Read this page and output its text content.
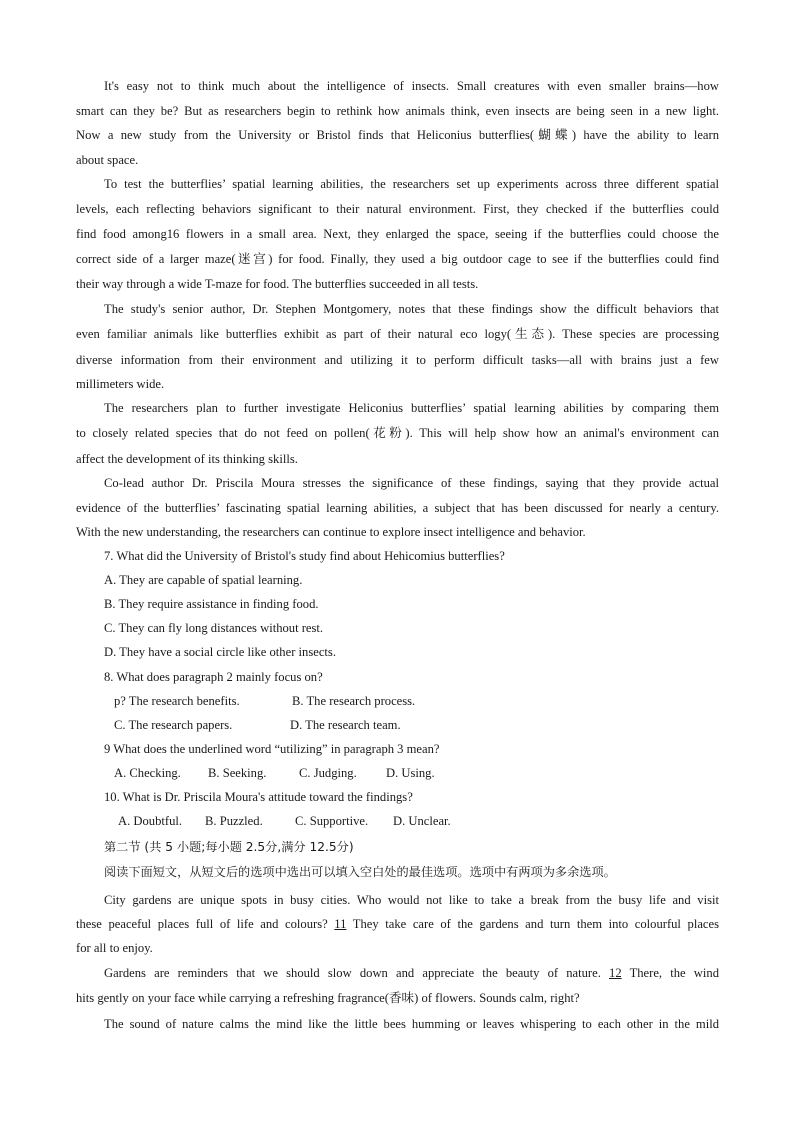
It's easy not to think much about the intelligence of insects. Small creatures with even smaller brains—how
smart can they be? But as researchers begin to rethink how animals think, even insects are being seen in a new light.
Now a new study from the University or Bristol finds that Heliconius butterflies(蝴蝶) have the ability to learn
about space.
To test the butterflies’ spatial learning abilities, the researchers set up experiments across three different spatial
levels, each reflecting behaviors significant to their natural environment. First, they checked if the butterflies could
find food among16 flowers in a small area. Next, they enlarged the space, seeing if the butterflies could choose the
correct side of a larger maze(迷宫) for food. Finally, they used a big outdoor cage to see if the butterflies could find
their way through a wide T-maze for food. The butterflies succeeded in all tests.
The study's senior author, Dr. Stephen Montgomery, notes that these findings show the difficult behaviors that
even familiar animals like butterflies exhibit as part of their natural eco logy(生态). These species are processing
diverse information from their environment and utilizing it to perform difficult tasks—all with brains just a few
millimeters wide.
The researchers plan to further investigate Heliconius butterflies’ spatial learning abilities by comparing them
to closely related species that do not feed on pollen(花粉). This will help show how an animal's environment can
affect the development of its thinking skills.
Co-lead author Dr. Priscila Moura stresses the significance of these findings, saying that they provide actual
evidence of the butterflies’ fascinating spatial learning abilities, a subject that has been discussed for nearly a century.
With the new understanding, the researchers can continue to explore insect intelligence and behavior.
7. What did the University of Bristol's study find about Hehicomius butterflies?
A. They are capable of spatial learning.
B. They require assistance in finding food.
C. They can fly long distances without rest.
D. They have a social circle like other insects.
8. What does paragraph 2 mainly focus on?
p? The research benefits.	B. The research process.
C. The research papers.	D. The research team.
9 What does the underlined word “utilizing” in paragraph 3 mean?
A. Checking.	B. Seeking.	C. Judging.	D. Using.
10. What is Dr. Priscila Moura's attitude toward the findings?
A. Doubtful.	B. Puzzled.	C. Supportive.	D. Unclear.
第二节 (共 5 小题;每小题 2.5分,满分 12.5分)
阅读下面短文，从短文后的选项中选出可以填入空白处的最佳选项。选项中有两项为多余选项。
City gardens are unique spots in busy cities. Who would not like to take a break from the busy life and visit
these peaceful places full of life and colours? 11 They take care of the gardens and turn them into colourful places
for all to enjoy.
Gardens are reminders that we should slow down and appreciate the beauty of nature. 12 There, the wind
hits gently on your face while carrying a refreshing fragrance(香味) of flowers. Sounds calm, right?
The sound of nature calms the mind like the little bees humming or leaves whispering to each other in the mild
